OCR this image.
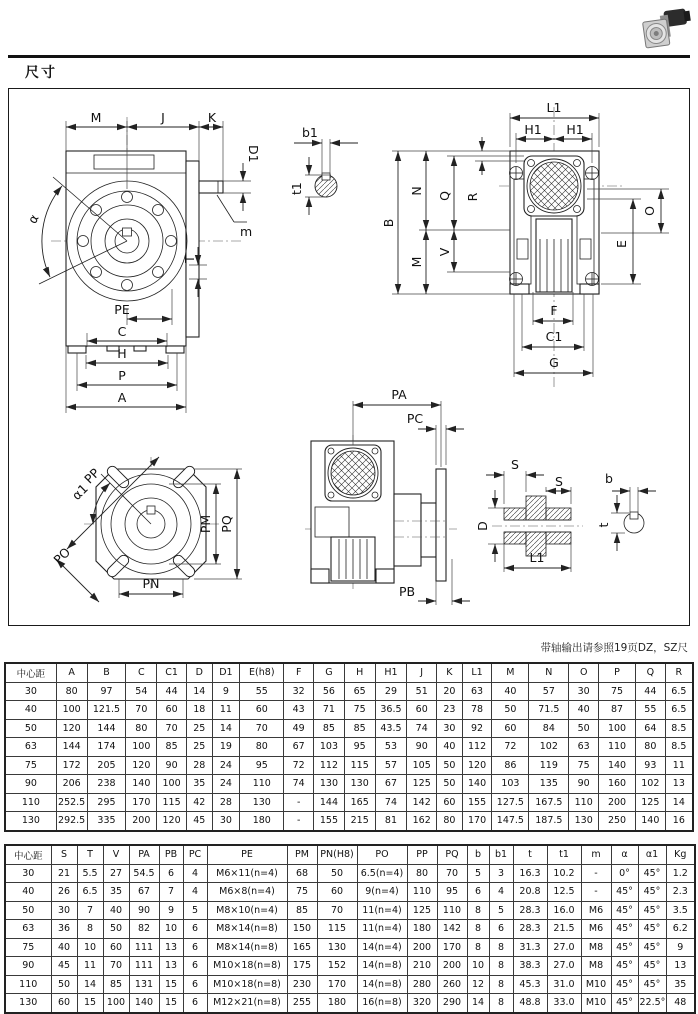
尺寸
M	J	K
D1
α
m
T
PE
C
H
P
A
b1
t1
L1
H1 H1
B
N
M
Q
V
R
O
E
F
C1
G
PP
α1
PO
PM PQ
PN
PA
PC
PB
S
S
D
L1
b
t
带轴输出请参照19页DZ，SZ尺
中心距	A	B	C	C1	D	D1	E(h8)	F	G	H	H1	J	K	L1	M	N	O	P	Q	R
30	80	97	54	44	14	9	55	32	56	65	29	51	20	63	40	57	30	75	44	6.5
40	100	121.5	70	60	18	11	60	43	71	75	36.5	60	23	78	50	71.5	40	87	55	6.5
50	120	144	80	70	25	14	70	49	85	85	43.5	74	30	92	60	84	50	100	64	8.5
63	144	174	100	85	25	19	80	67	103	95	53	90	40	112	72	102	63	110	80	8.5
75	172	205	120	90	28	24	95	72	112	115	57	105	50	120	86	119	75	140	93	11
90	206	238	140	100	35	24	110	74	130	130	67	125	50	140	103	135	90	160	102	13
110	252.5	295	170	115	42	28	130	-	144	165	74	142	60	155	127.5	167.5	110	200	125	14
130	292.5	335	200	120	45	30	180	-	155	215	81	162	80	170	147.5	187.5	130	250	140	16
中心距	S	T	V	PA	PB	PC	PE	PM	PN(H8)	PO	PP	PQ	b	b1	t	t1	m	α	α1	Kg
30	21	5.5	27	54.5	6	4	M6×11(n=4)	68	50	6.5(n=4)	80	70	5	3	16.3	10.2	-	0°	45°	1.2
40	26	6.5	35	67	7	4	M6×8(n=4)	75	60	9(n=4)	110	95	6	4	20.8	12.5	-	45°	45°	2.3
50	30	7	40	90	9	5	M8×10(n=4)	85	70	11(n=4)	125	110	8	5	28.3	16.0	M6	45°	45°	3.5
63	36	8	50	82	10	6	M8×14(n=8)	150	115	11(n=4)	180	142	8	6	28.3	21.5	M6	45°	45°	6.2
75	40	10	60	111	13	6	M8×14(n=8)	165	130	14(n=4)	200	170	8	8	31.3	27.0	M8	45°	45°	9
90	45	11	70	111	13	6	M10×18(n=8)	175	152	14(n=8)	210	200	10	8	38.3	27.0	M8	45°	45°	13
110	50	14	85	131	15	6	M10×18(n=8)	230	170	14(n=8)	280	260	12	8	45.3	31.0	M10	45°	45°	35
130	60	15	100	140	15	6	M12×21(n=8)	255	180	16(n=8)	320	290	14	8	48.8	33.0	M10	45°	22.5°	48
